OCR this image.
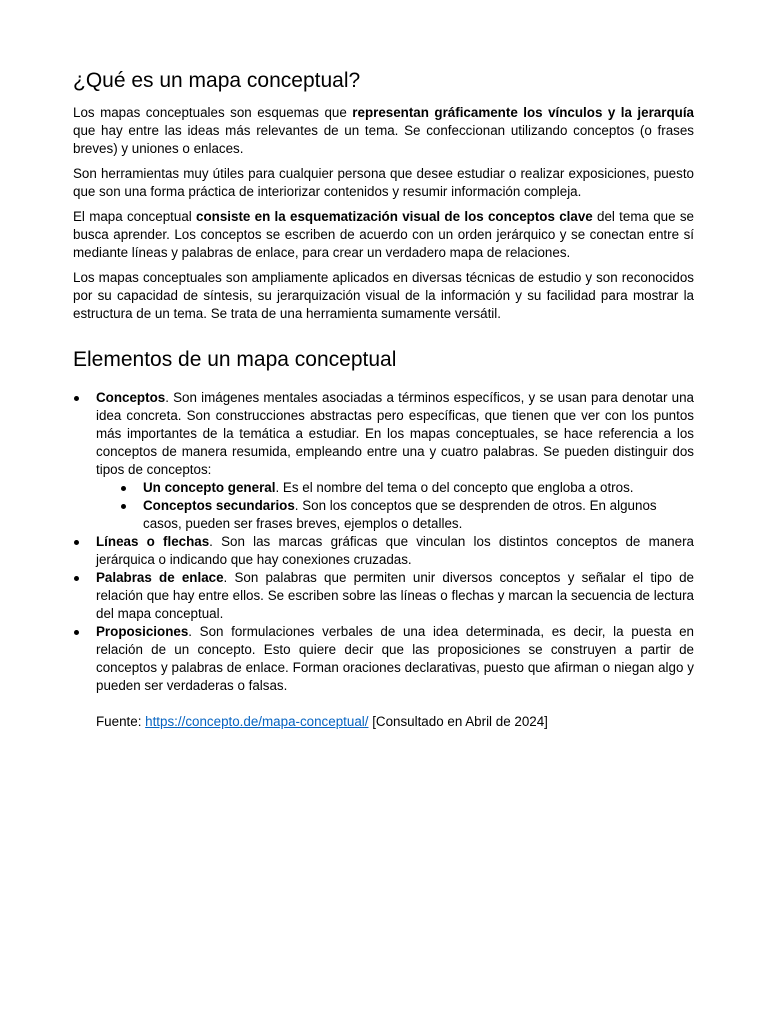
¿Qué es un mapa conceptual?

Los mapas conceptuales son esquemas que representan gráficamente los vínculos y la jerarquía que hay entre las ideas más relevantes de un tema. Se confeccionan utilizando conceptos (o frases breves) y uniones o enlaces.

Son herramientas muy útiles para cualquier persona que desee estudiar o realizar exposiciones, puesto que son una forma práctica de interiorizar contenidos y resumir información compleja.

El mapa conceptual consiste en la esquematización visual de los conceptos clave del tema que se busca aprender. Los conceptos se escriben de acuerdo con un orden jerárquico y se conectan entre sí mediante líneas y palabras de enlace, para crear un verdadero mapa de relaciones.

Los mapas conceptuales son ampliamente aplicados en diversas técnicas de estudio y son reconocidos por su capacidad de síntesis, su jerarquización visual de la información y su facilidad para mostrar la estructura de un tema. Se trata de una herramienta sumamente versátil.

Elementos de un mapa conceptual
Conceptos. Son imágenes mentales asociadas a términos específicos, y se usan para denotar una idea concreta. Son construcciones abstractas pero específicas, que tienen que ver con los puntos más importantes de la temática a estudiar. En los mapas conceptuales, se hace referencia a los conceptos de manera resumida, empleando entre una y cuatro palabras. Se pueden distinguir dos tipos de conceptos:
Un concepto general. Es el nombre del tema o del concepto que engloba a otros.
Conceptos secundarios. Son los conceptos que se desprenden de otros. En algunos casos, pueden ser frases breves, ejemplos o detalles.
Líneas o flechas. Son las marcas gráficas que vinculan los distintos conceptos de manera jerárquica o indicando que hay conexiones cruzadas.
Palabras de enlace. Son palabras que permiten unir diversos conceptos y señalar el tipo de relación que hay entre ellos. Se escriben sobre las líneas o flechas y marcan la secuencia de lectura del mapa conceptual.
Proposiciones. Son formulaciones verbales de una idea determinada, es decir, la puesta en relación de un concepto. Esto quiere decir que las proposiciones se construyen a partir de conceptos y palabras de enlace. Forman oraciones declarativas, puesto que afirman o niegan algo y pueden ser verdaderas o falsas.
Fuente: https://concepto.de/mapa-conceptual/ [Consultado en Abril de 2024]
